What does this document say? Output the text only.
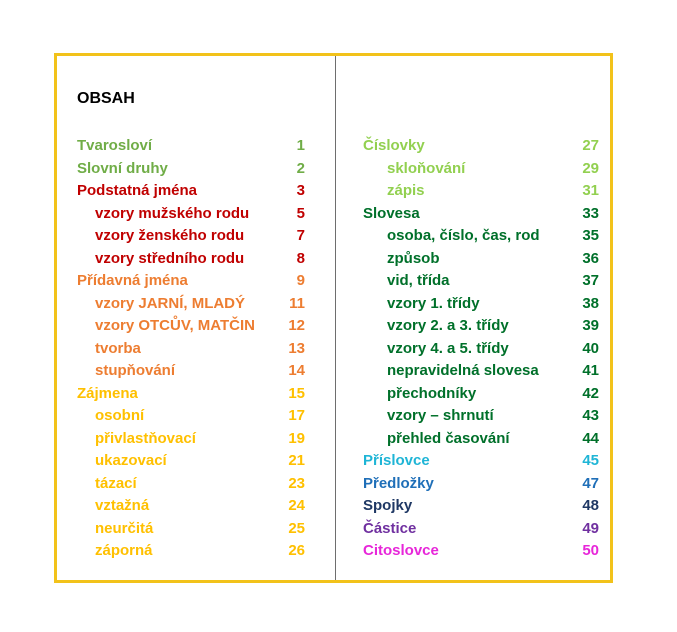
OBSAH
Tvarosloví	1
Slovní druhy	2
Podstatná jména	3
vzory mužského rodu	5
vzory ženského rodu	7
vzory středního rodu	8
Přídavná jména	9
vzory JARNÍ, MLADÝ	11
vzory OTCŮV, MATČIN 12
tvorba	13
stupňování	14
Zájmena	15
osobní	17
přivlastňovací	19
ukazovací	21
tázací	23
vztažná	24
neurčitá	25
záporná	26
Číslovky	27
skloňování	29
zápis	31
Slovesa	33
osoba, číslo, čas, rod	35
způsob	36
vid, třída	37
vzory 1. třídy	38
vzory 2. a 3. třídy	39
vzory 4. a 5. třídy	40
nepravidelná slovesa	41
přechodníky	42
vzory – shrnutí	43
přehled časování	44
Příslovce	45
Předložky	47
Spojky	48
Částice	49
Citoslovce	50
